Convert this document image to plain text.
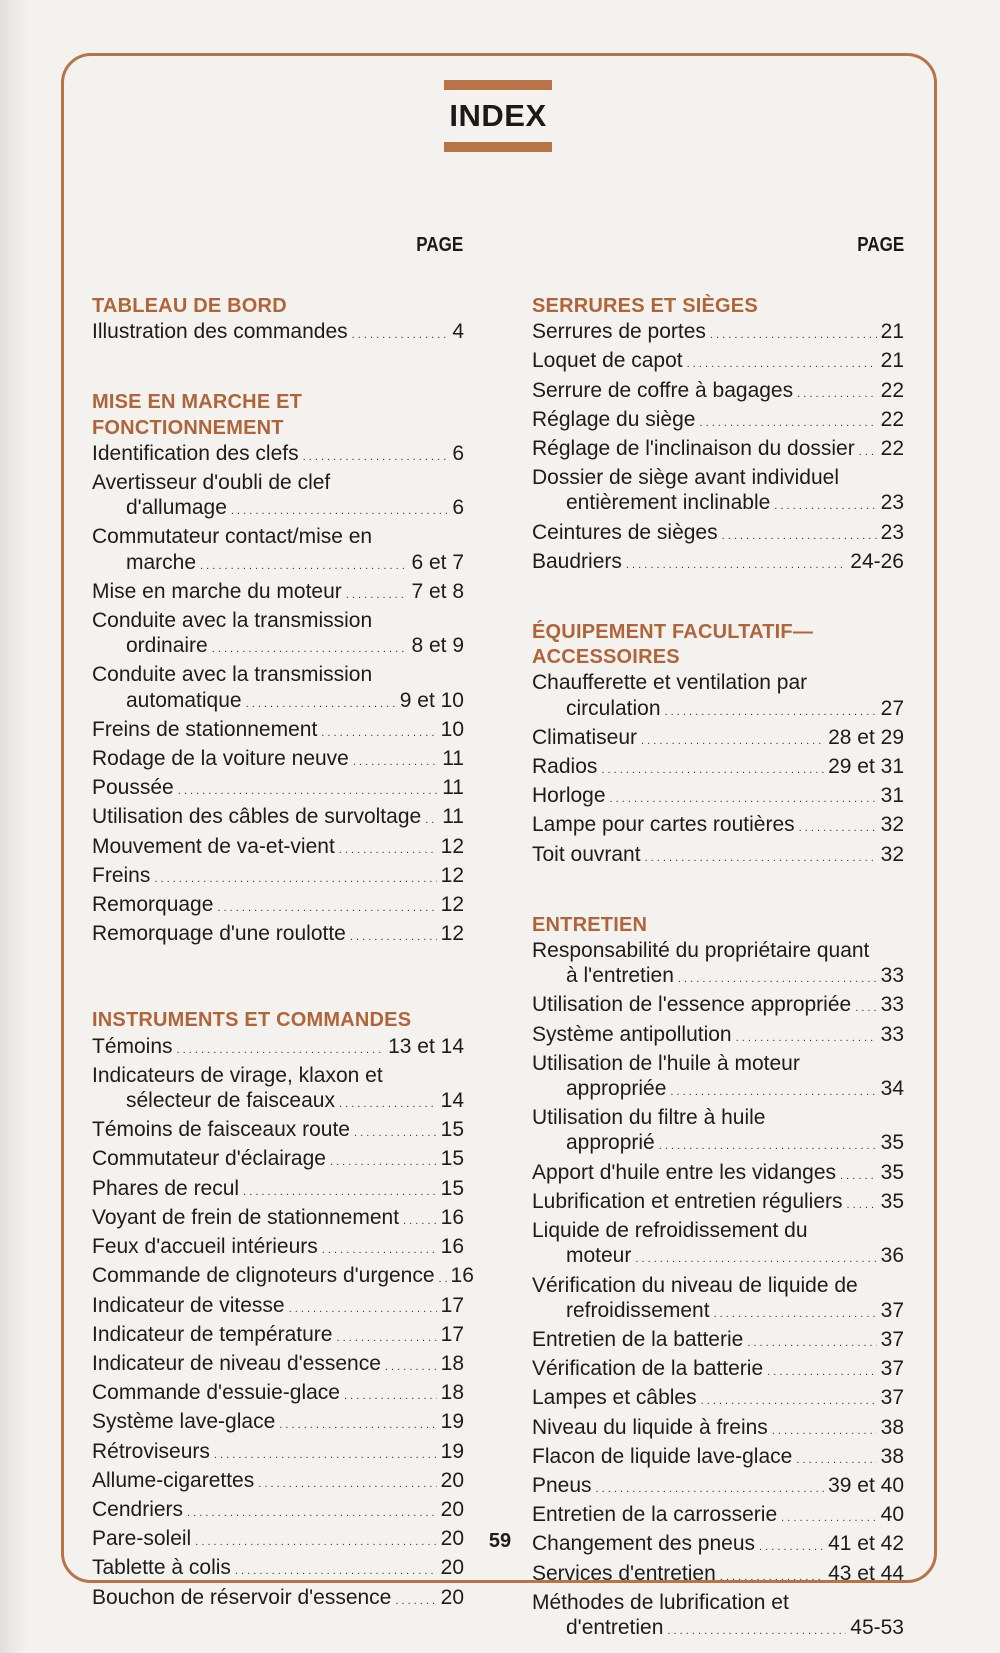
INDEX
PAGE	PAGE
TABLEAU DE BORD
Illustration des commandes . . .	4
MISE EN MARCHE ET
FONCTIONNEMENT
Identification des clefs . . .	6
Avertisseur d'oubli de clef
d'allumage . . .	6
Commutateur contact/mise en
marche . . .	6 et 7
Mise en marche du moteur . . .	7 et 8
Conduite avec la transmission
ordinaire . . .	8 et 9
Conduite avec la transmission
automatique . . .	9 et 10
Freins de stationnement . . .	10
Rodage de la voiture neuve . . .	11
Poussée . . .	11
Utilisation des câbles de survoltage . . . 11
Mouvement de va-et-vient . . .	12
Freins . . .	12
Remorquage . . .	12
Remorquage d'une roulotte . . .	12
INSTRUMENTS ET COMMANDES
Témoins . . .	13 et 14
Indicateurs de virage, klaxon et
sélecteur de faisceaux . . .	14
Témoins de faisceaux route . . .	15
Commutateur d'éclairage . . .	15
Phares de recul . . .	15
Voyant de frein de stationnement . . . 16
Feux d'accueil intérieurs . . .	16
Commande de clignoteurs d'urgence . . . 16
Indicateur de vitesse . . .	17
Indicateur de température . . .	17
Indicateur de niveau d'essence . . .	18
Commande d'essuie-glace . . .	18
Système lave-glace . . .	19
Rétroviseurs . . .	19
Allume-cigarettes . . .	20
Cendriers . . .	20
Pare-soleil . . .	20
Tablette à colis . . .	20
Bouchon de réservoir d'essence . . . 20
SERRURES ET SIÈGES
Serrures de portes . . .	21
Loquet de capot . . .	21
Serrure de coffre à bagages . . .	22
Réglage du siège . . .	22
Réglage de l'inclinaison du dossier . . . 22
Dossier de siège avant individuel
entièrement inclinable . . .	23
Ceintures de sièges . . .	23
Baudriers . . .	24-26
ÉQUIPEMENT FACULTATIF—
ACCESSOIRES
Chaufferette et ventilation par
circulation . . .	27
Climatiseur . . .	28 et 29
Radios . . .	29 et 31
Horloge . . .	31
Lampe pour cartes routières . . .	32
Toit ouvrant . . .	32
ENTRETIEN
Responsabilité du propriétaire quant
à l'entretien . . .	33
Utilisation de l'essence appropriée . . . 33
Système antipollution . . .	33
Utilisation de l'huile à moteur
appropriée . . .	34
Utilisation du filtre à huile
approprié . . .	35
Apport d'huile entre les vidanges . . . 35
Lubrification et entretien réguliers . . . 35
Liquide de refroidissement du
moteur . . .	36
Vérification du niveau de liquide de
refroidissement . . .	37
Entretien de la batterie . . .	37
Vérification de la batterie . . .	37
Lampes et câbles . . .	37
Niveau du liquide à freins . . .	38
Flacon de liquide lave-glace . . .	38
Pneus . . .	39 et 40
Entretien de la carrosserie . . .	40
Changement des pneus . . .	41 et 42
Services d'entretien . . .	43 et 44
Méthodes de lubrification et
d'entretien . . .	45-53
59
